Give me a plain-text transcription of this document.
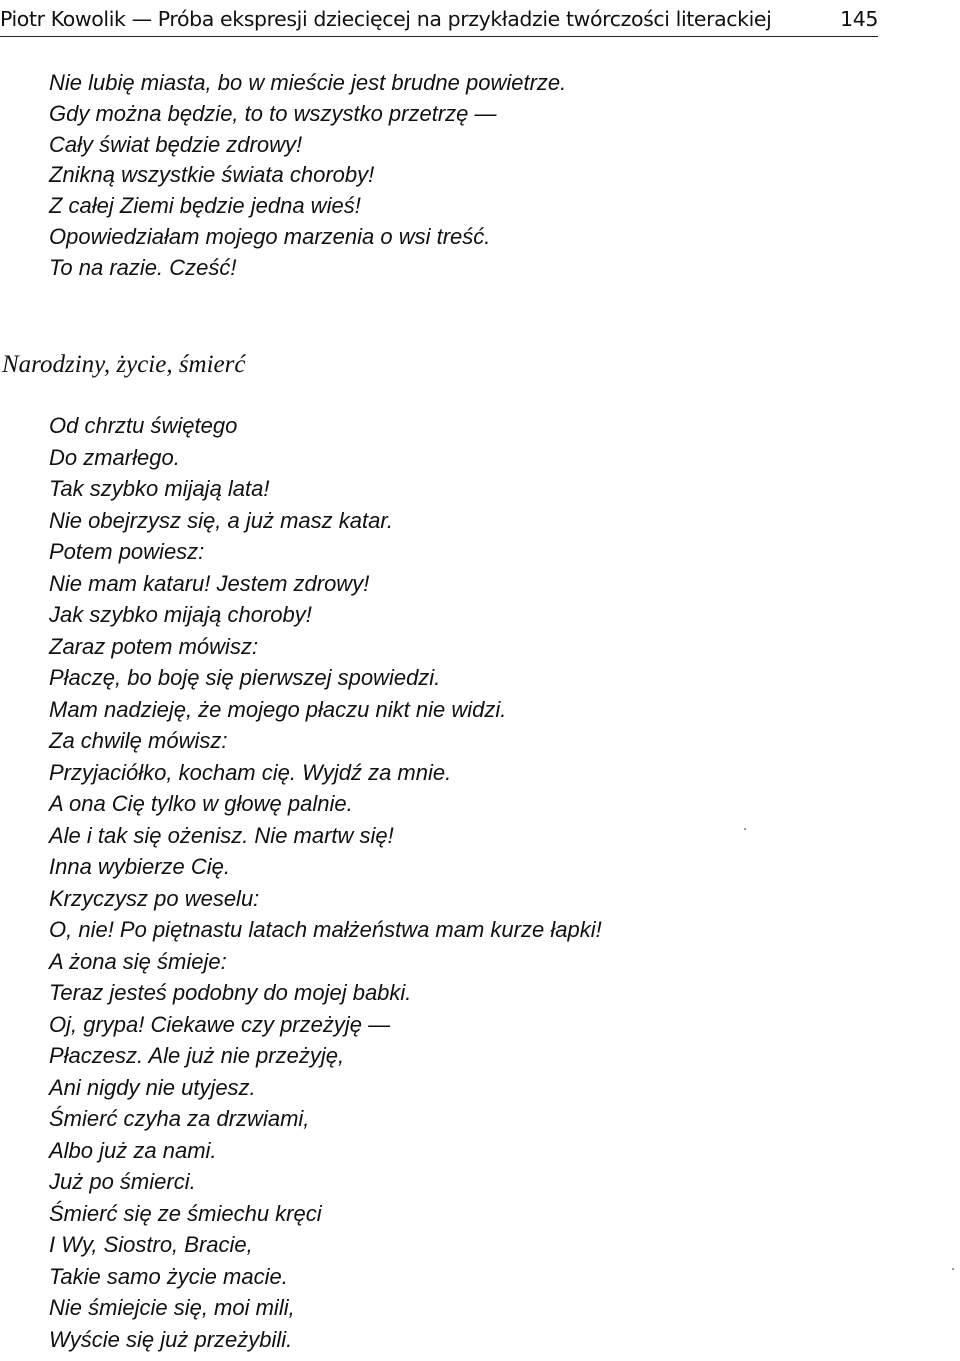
Piotr Kowolik — Próba ekspresji dziecięcej na przykładzie twórczości literackiej	145
Nie lubię miasta, bo w mieście jest brudne powietrze.
Gdy można będzie, to to wszystko przetrzę —
Cały świat będzie zdrowy!
Znikną wszystkie świata choroby!
Z całej Ziemi będzie jedna wieś!
Opowiedziałam mojego marzenia o wsi treść.
To na razie. Cześć!
Narodziny, życie, śmierć
Od chrztu świętego
Do zmarłego.
Tak szybko mijają lata!
Nie obejrzysz się, a już masz katar.
Potem powiesz:
Nie mam kataru! Jestem zdrowy!
Jak szybko mijają choroby!
Zaraz potem mówisz:
Płaczę, bo boję się pierwszej spowiedzi.
Mam nadzieję, że mojego płaczu nikt nie widzi.
Za chwilę mówisz:
Przyjaciółko, kocham cię. Wyjdź za mnie.
A ona Cię tylko w głowę palnie.
Ale i tak się ożenisz. Nie martw się!
Inna wybierze Cię.
Krzyczysz po weselu:
O, nie! Po piętnastu latach małżeństwa mam kurze łapki!
A żona się śmieje:
Teraz jesteś podobny do mojej babki.
Oj, grypa! Ciekawe czy przeżyję —
Płaczesz. Ale już nie przeżyję,
Ani nigdy nie utyjesz.
Śmierć czyha za drzwiami,
Albo już za nami.
Już po śmierci.
Śmierć się ze śmiechu kręci
I Wy, Siostro, Bracie,
Takie samo życie macie.
Nie śmiejcie się, moi mili,
Wyście się już przeżybili.
